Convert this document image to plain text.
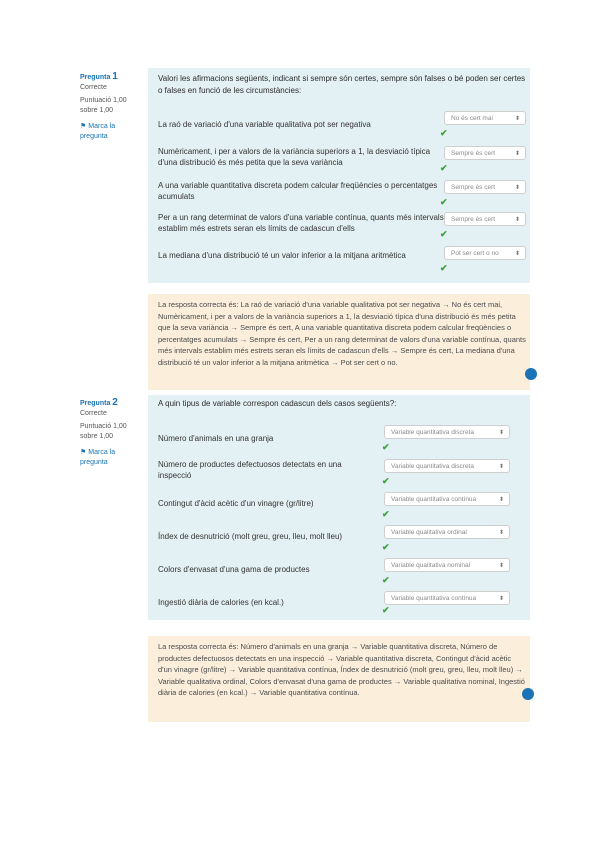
Pregunta 1
Correcte
Puntuació 1,00 sobre 1,00
⚑ Marca la pregunta
Valori les afirmacions següents, indicant si sempre són certes, sempre són falses o bé poden ser certes o falses en funció de les circumstàncies:
La raó de variació d'una variable qualitativa pot ser negativa
No és cert mai	⬍
✔
Numèricament, i per a valors de la variància superiors a 1, la desviació típica d'una distribució és més petita que la seva variància
Sempre és cert	⬍
✔
A una variable quantitativa discreta podem calcular freqüències o percentatges acumulats
Sempre és cert	⬍
✔
Per a un rang determinat de valors d'una variable contínua, quants més intervals establim més estrets seran els límits de cadascun d'ells
Sempre és cert	⬍
✔
La mediana d'una distribució té un valor inferior a la mitjana aritmètica	Pot ser cert o no	⬍
✔
La resposta correcta és: La raó de variació d'una variable qualitativa pot ser negativa → No és cert mai, Numèricament, i per a valors de la variància superiors a 1, la desviació típica d'una distribució és més petita que la seva variància → Sempre és cert, A una variable quantitativa discreta podem calcular freqüències o percentatges acumulats → Sempre és cert, Per a un rang determinat de valors d'una variable contínua, quants més intervals establim més estrets seran els límits de cadascun d'ells → Sempre és cert, La mediana d'una distribució té un valor inferior a la mitjana aritmètica → Pot ser cert o no.
Pregunta 2
Correcte
Puntuació 1,00 sobre 1,00
⚑ Marca la pregunta
A quin tipus de variable correspon cadascun dels casos següents?:
Número d'animals en una granja
Variable quantitativa discreta	⬍
✔
Número de productes defectuosos detectats en una inspecció
Variable quantitativa discreta	⬍
✔
Contingut d'àcid acètic d'un vinagre (gr/litre)	Variable quantitativa contínua	⬍
✔
Índex de desnutrició (molt greu, greu, lleu, molt lleu)	Variable qualitativa ordinal	⬍
✔
Colors d'envasat d'una gama de productes	Variable qualitativa nominal	⬍
✔
Ingestió diària de calories (en kcal.)	Variable quantitativa contínua	⬍
✔
La resposta correcta és: Número d'animals en una granja → Variable quantitativa discreta, Número de productes defectuosos detectats en una inspecció → Variable quantitativa discreta, Contingut d'àcid acètic d'un vinagre (gr/litre) → Variable quantitativa contínua, Índex de desnutrició (molt greu, greu, lleu, molt lleu) → Variable qualitativa ordinal, Colors d'envasat d'una gama de productes → Variable qualitativa nominal, Ingestió diària de calories (en kcal.) → Variable quantitativa contínua.
